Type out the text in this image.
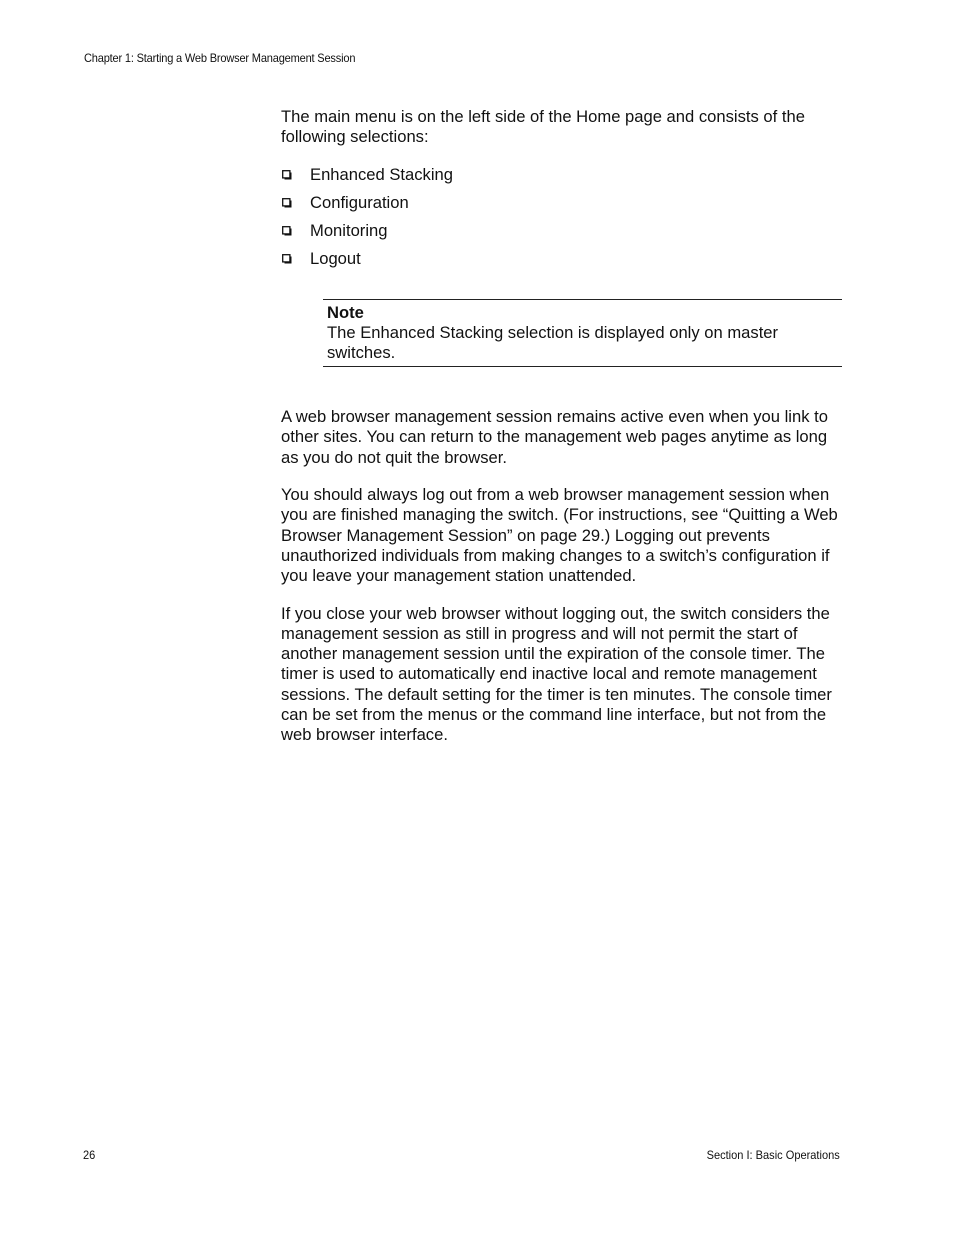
Chapter 1: Starting a Web Browser Management Session

The main menu is on the left side of the Home page and consists of the following selections:

Enhanced Stacking
Configuration
Monitoring
Logout
Note

The Enhanced Stacking selection is displayed only on master switches.

A web browser management session remains active even when you link to other sites. You can return to the management web pages anytime as long as you do not quit the browser.

You should always log out from a web browser management session when you are finished managing the switch. (For instructions, see “Quitting a Web Browser Management Session” on page 29.) Logging out prevents unauthorized individuals from making changes to a switch’s configuration if you leave your management station unattended.

If you close your web browser without logging out, the switch considers the management session as still in progress and will not permit the start of another management session until the expiration of the console timer. The timer is used to automatically end inactive local and remote management sessions. The default setting for the timer is ten minutes. The console timer can be set from the menus or the command line interface, but not from the web browser interface.

26	Section I: Basic Operations
